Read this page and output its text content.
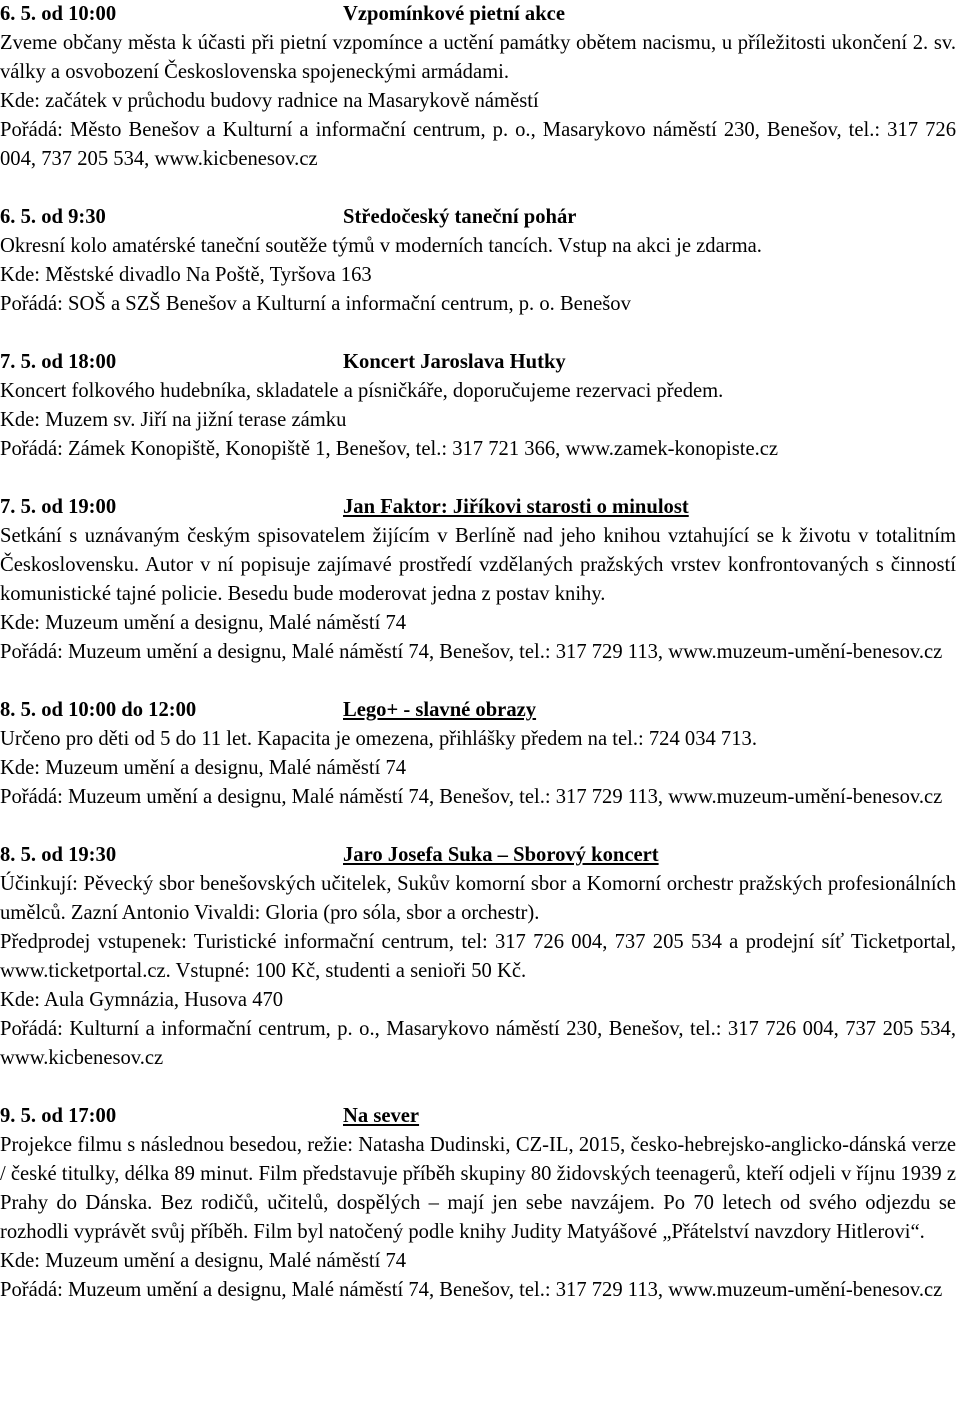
6. 5. od 10:00	Vzpomínkové pietní akce

Zveme občany města k účasti při pietní vzpomínce a uctění památky obětem nacismu, u příležitosti ukončení 2. sv. války a osvobození Československa spojeneckými armádami.

Kde: začátek v průchodu budovy radnice na Masarykově náměstí

Pořádá: Město Benešov a Kulturní a informační centrum, p. o., Masarykovo náměstí 230, Benešov, tel.: 317 726 004, 737 205 534, www.kicbenesov.cz

6. 5. od 9:30	Středočeský taneční pohár

Okresní kolo amatérské taneční soutěže týmů v moderních tancích. Vstup na akci je zdarma.

Kde: Městské divadlo Na Poště, Tyršova 163

Pořádá: SOŠ a SZŠ Benešov a Kulturní a informační centrum, p. o. Benešov

7. 5. od 18:00	Koncert Jaroslava Hutky

Koncert folkového hudebníka, skladatele a písničkáře, doporučujeme rezervaci předem.

Kde: Muzem sv. Jiří na jižní terase zámku

Pořádá: Zámek Konopiště, Konopiště 1, Benešov, tel.: 317 721 366, www.zamek-konopiste.cz

7. 5. od 19:00	Jan Faktor: Jiříkovi starosti o minulost

Setkání s uznávaným českým spisovatelem žijícím v Berlíně nad jeho knihou vztahující se k životu v totalitním Československu. Autor v ní popisuje zajímavé prostředí vzdělaných pražských vrstev konfrontovaných s činností komunistické tajné policie. Besedu bude moderovat jedna z postav knihy.

Kde: Muzeum umění a designu, Malé náměstí 74

Pořádá: Muzeum umění a designu, Malé náměstí 74, Benešov, tel.: 317 729 113, www.muzeum-umění-benesov.cz

8. 5. od 10:00 do 12:00	Lego+ - slavné obrazy

Určeno pro děti od 5 do 11 let. Kapacita je omezena, přihlášky předem na tel.: 724 034 713.

Kde: Muzeum umění a designu, Malé náměstí 74

Pořádá: Muzeum umění a designu, Malé náměstí 74, Benešov, tel.: 317 729 113, www.muzeum-umění-benesov.cz

8. 5. od 19:30	Jaro Josefa Suka – Sborový koncert

Účinkují: Pěvecký sbor benešovských učitelek, Sukův komorní sbor a Komorní orchestr pražských profesionálních umělců. Zazní Antonio Vivaldi: Gloria (pro sóla, sbor a orchestr).

Předprodej vstupenek: Turistické informační centrum, tel: 317 726 004, 737 205 534 a prodejní síť Ticketportal, www.ticketportal.cz. Vstupné: 100 Kč, studenti a senioři 50 Kč.

Kde: Aula Gymnázia, Husova 470

Pořádá: Kulturní a informační centrum, p. o., Masarykovo náměstí 230, Benešov, tel.: 317 726 004, 737 205 534, www.kicbenesov.cz

9. 5. od 17:00	Na sever

Projekce filmu s následnou besedou, režie: Natasha Dudinski, CZ-IL, 2015, česko-hebrejsko-anglicko-dánská verze / české titulky, délka 89 minut. Film představuje příběh skupiny 80 židovských teenagerů, kteří odjeli v říjnu 1939 z Prahy do Dánska. Bez rodičů, učitelů, dospělých – mají jen sebe navzájem. Po 70 letech od svého odjezdu se rozhodli vyprávět svůj příběh. Film byl natočený podle knihy Judity Matyášové „Přátelství navzdory Hitlerovi“.

Kde: Muzeum umění a designu, Malé náměstí 74

Pořádá: Muzeum umění a designu, Malé náměstí 74, Benešov, tel.: 317 729 113, www.muzeum-umění-benesov.cz
